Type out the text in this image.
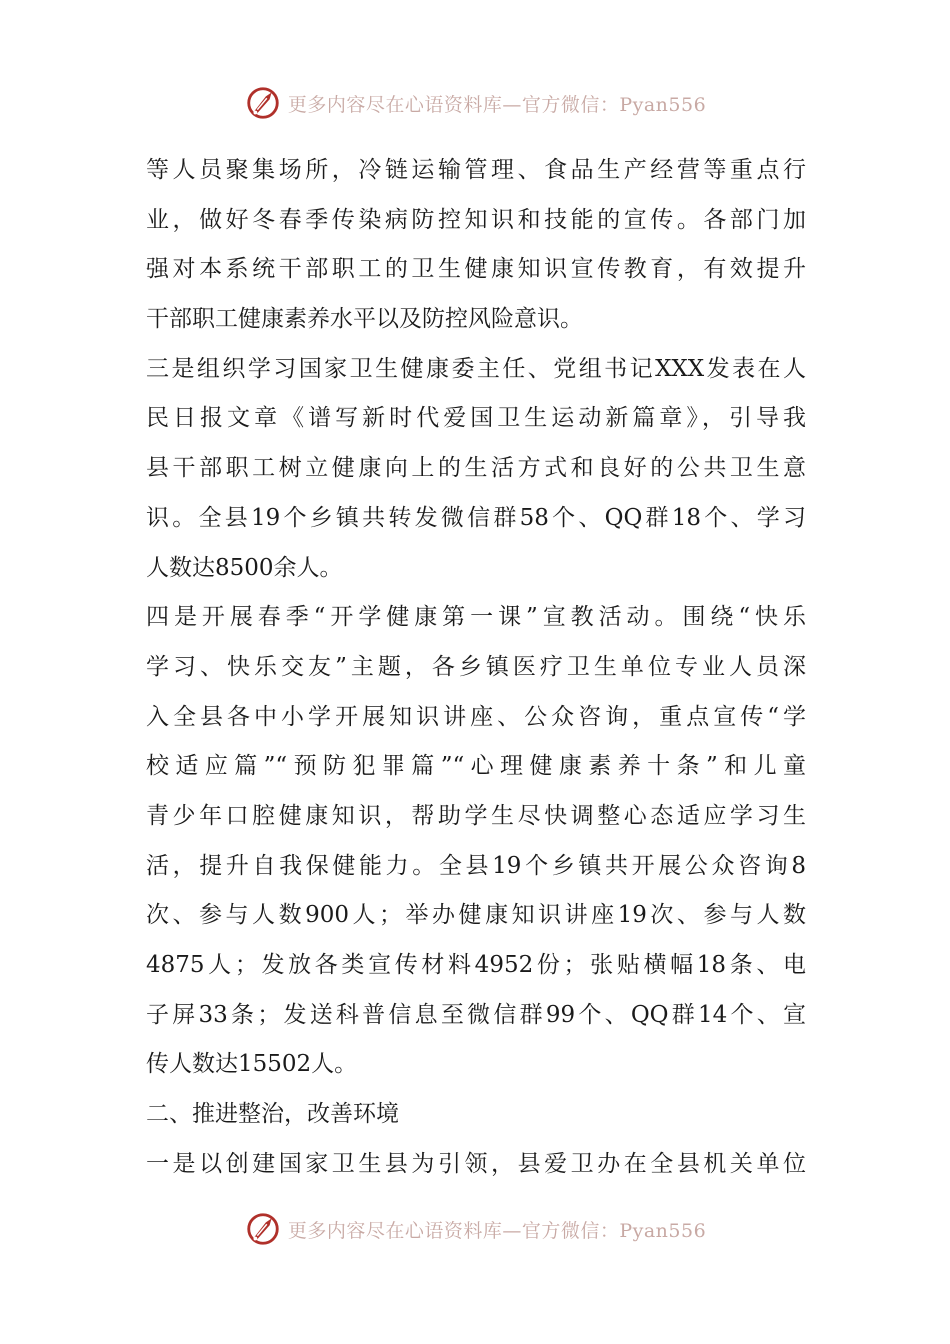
更多内容尽在心语资料库—官方微信：Pyan556
等人员聚集场所，冷链运输管理、食品生产经营等重点行
业，做好冬春季传染病防控知识和技能的宣传。各部门加
强对本系统干部职工的卫生健康知识宣传教育，有效提升
干部职工健康素养水平以及防控风险意识。
三是组织学习国家卫生健康委主任、党组书记XXX发表在人
民日报文章《谱写新时代爱国卫生运动新篇章》，引导我
县干部职工树立健康向上的生活方式和良好的公共卫生意
识。全县19个乡镇共转发微信群58个、QQ群18个、学习
人数达8500余人。
四是开展春季“开学健康第一课”宣教活动。围绕“快乐
学习、快乐交友”主题，各乡镇医疗卫生单位专业人员深
入全县各中小学开展知识讲座、公众咨询，重点宣传“学
校适应篇”“预防犯罪篇”“心理健康素养十条”和儿童
青少年口腔健康知识，帮助学生尽快调整心态适应学习生
活，提升自我保健能力。全县19个乡镇共开展公众咨询8
次、参与人数900人；举办健康知识讲座19次、参与人数
4875人；发放各类宣传材料4952份；张贴横幅18条、电
子屏33条；发送科普信息至微信群99个、QQ群14个、宣
传人数达15502人。
二、推进整治，改善环境
一是以创建国家卫生县为引领，县爱卫办在全县机关单位
更多内容尽在心语资料库—官方微信：Pyan556
